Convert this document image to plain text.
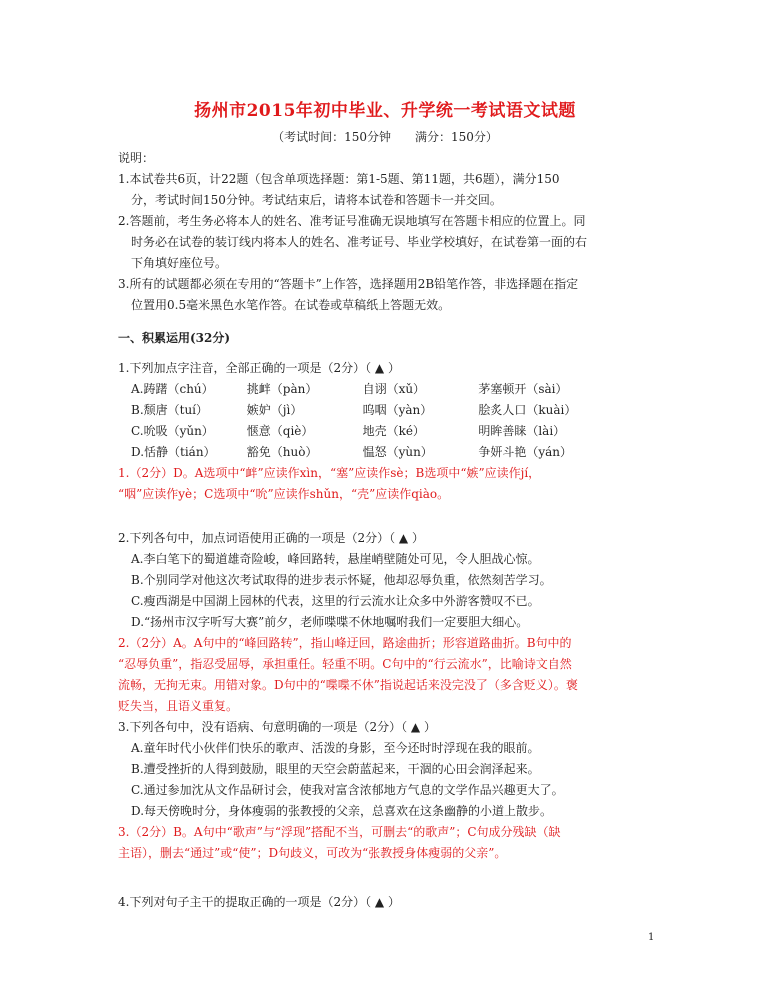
扬州市2015年初中毕业、升学统一考试语文试题
（考试时间：150分钟　　满分：150分）
说明：
1.本试卷共6页，计22题（包含单项选择题：第1-5题、第11题，共6题），满分150
分，考试时间150分钟。考试结束后，请将本试卷和答题卡一并交回。
2.答题前，考生务必将本人的姓名、准考证号准确无误地填写在答题卡相应的位置上。同
时务必在试卷的装订线内将本人的姓名、准考证号、毕业学校填好，在试卷第一面的右
下角填好座位号。
3.所有的试题都必须在专用的“答题卡”上作答，选择题用2B铅笔作答，非选择题在指定
位置用0.5毫米黑色水笔作答。在试卷或草稿纸上答题无效。
一、积累运用(32分)
1.下列加点字注音，全部正确的一项是（2分）（ ▲ ）
A.踌躇（chú）	挑衅（pàn）	自诩（xǔ）	茅塞顿开（sài）
B.颓唐（tuí）	嫉妒（jì）	呜咽（yàn）	脍炙人口（kuài）
C.吮吸（yǔn）	惬意（qiè）	地壳（ké）	明眸善睐（lài）
D.恬静（tián）	豁免（huò）	愠怒（yùn）	争妍斗艳（yán）
1.（2分）D。A选项中“衅”应读作xìn，“塞”应读作sè；B选项中“嫉”应读作jí，
“咽”应读作yè；C选项中“吮”应读作shǔn，“壳”应读作qiào。
2.下列各句中，加点词语使用正确的一项是（2分）（ ▲ ）
A.李白笔下的蜀道雄奇险峻，峰回路转，悬崖峭壁随处可见，令人胆战心惊。
B.个别同学对他这次考试取得的进步表示怀疑，他却忍辱负重，依然刻苦学习。
C.瘦西湖是中国湖上园林的代表，这里的行云流水让众多中外游客赞叹不已。
D.“扬州市汉字听写大赛”前夕，老师喋喋不休地嘱咐我们一定要胆大细心。
2.（2分）A。A句中的“峰回路转”，指山峰迂回，路途曲折；形容道路曲折。B句中的
“忍辱负重”，指忍受屈辱，承担重任。轻重不明。C句中的“行云流水”，比喻诗文自然
流畅，无拘无束。用错对象。D句中的“喋喋不休”指说起话来没完没了（多含贬义）。褒
贬失当，且语义重复。
3.下列各句中，没有语病、句意明确的一项是（2分）（ ▲ ）
A.童年时代小伙伴们快乐的歌声、活泼的身影，至今还时时浮现在我的眼前。
B.遭受挫折的人得到鼓励，眼里的天空会蔚蓝起来，干涸的心田会润泽起来。
C.通过参加沈从文作品研讨会，使我对富含浓郁地方气息的文学作品兴趣更大了。
D.每天傍晚时分，身体瘦弱的张教授的父亲，总喜欢在这条幽静的小道上散步。
3.（2分）B。A句中“歌声”与“浮现”搭配不当，可删去“的歌声”；C句成分残缺（缺
主语），删去“通过”或“使”；D句歧义，可改为“张教授身体瘦弱的父亲”。
4.下列对句子主干的提取正确的一项是（2分）（ ▲ ）
1
